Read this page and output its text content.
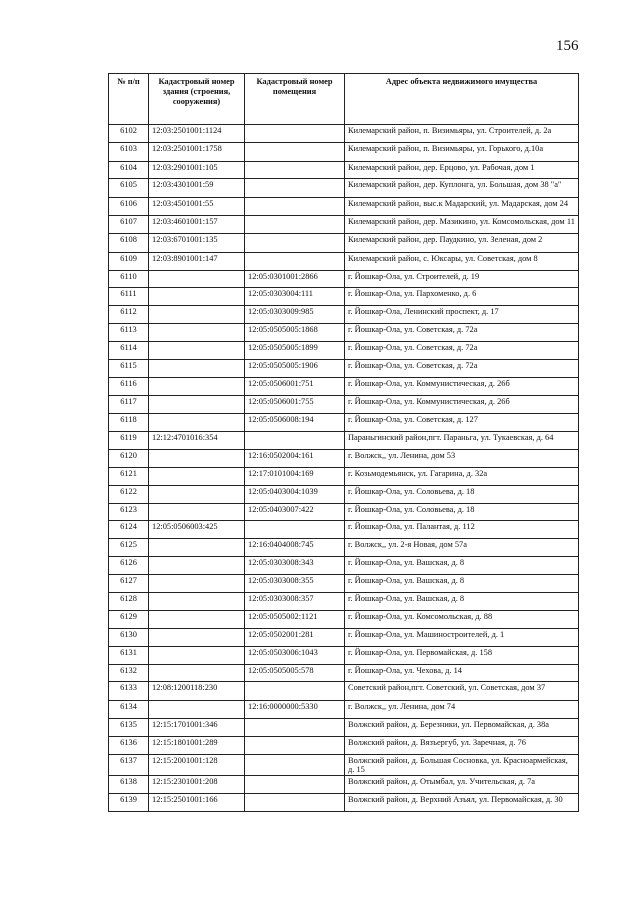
156
№ п/п	Кадастровый номер здания (строения, сооружения)	Кадастровый номер помещения	Адрес объекта недвижимого имущества
6102	12:03:2501001:1124		Килемарский район, п. Визимьяры, ул. Строителей, д. 2а
6103	12:03:2501001:1758		Килемарский район, п. Визимьяры, ул. Горького, д.10а
6104	12:03:2901001:105		Килемарский район, дер. Ерцово, ул. Рабочая, дом 1
6105	12:03:4301001:59		Килемарский район, дер. Куплонга, ул. Большая, дом 38 "а"
6106	12:03:4501001:55		Килемарский район, выс.к Мадарский, ул. Мадарская, дом 24
6107	12:03:4601001:157		Килемарский район, дер. Мазикино, ул. Комсомольская, дом 11
6108	12:03:6701001:135		Килемарский район, дер. Паудкино, ул. Зеленая, дом 2
6109	12:03:8901001:147		Килемарский район, с. Юксары, ул. Советская, дом 8
6110		12:05:0301001:2866	г. Йошкар-Ола, ул. Строителей, д. 19
6111		12:05:0303004:111	г. Йошкар-Ола, ул. Пархоменко, д. 6
6112		12:05:0303009:985	г. Йошкар-Ола, Ленинский проспект, д. 17
6113		12:05:0505005:1868	г. Йошкар-Ола, ул. Советская, д. 72а
6114		12:05:0505005:1899	г. Йошкар-Ола, ул. Советская, д. 72а
6115		12:05:0505005:1906	г. Йошкар-Ола, ул. Советская, д. 72а
6116		12:05:0506001:751	г. Йошкар-Ола, ул. Коммунистическая, д. 26б
6117		12:05:0506001:755	г. Йошкар-Ола, ул. Коммунистическая, д. 26б
6118		12:05:0506008:194	г. Йошкар-Ола, ул. Советская, д. 127
6119	12:12:4701016:354		Параньгинский район,пгт. Параньга, ул. Тукаевская, д. 64
6120		12:16:0502004:161	г. Волжск,, ул. Ленина, дом 53
6121		12:17:0101004:169	г. Козьмодемьянск, ул. Гагарина, д. 32а
6122		12:05:0403004:1039	г. Йошкар-Ола, ул. Соловьева, д. 18
6123		12:05:0403007:422	г. Йошкар-Ола, ул. Соловьева, д. 18
6124	12:05:0506003:425		г. Йошкар-Ола, ул. Палантая, д. 112
6125		12:16:0404008:745	г. Волжск,, ул. 2-я Новая, дом 57а
6126		12:05:0303008:343	г. Йошкар-Ола, ул. Вашская, д. 8
6127		12:05:0303008:355	г. Йошкар-Ола, ул. Вашская, д. 8
6128		12:05:0303008:357	г. Йошкар-Ола, ул. Вашская, д. 8
6129		12:05:0505002:1121	г. Йошкар-Ола, ул. Комсомольская, д. 88
6130		12:05:0502001:281	г. Йошкар-Ола, ул. Машиностроителей, д. 1
6131		12:05:0503006:1043	г. Йошкар-Ола, ул. Первомайская, д. 158
6132		12:05:0505005:578	г. Йошкар-Ола, ул. Чехова, д. 14
6133	12:08:1200118:230		Советский район,пгт. Советский, ул. Советская, дом 37
6134		12:16:0000000:5330	г. Волжск,, ул. Ленина, дом 74
6135	12:15:1701001:346		Волжский район, д. Березники, ул. Первомайская, д. 38а
6136	12:15:1801001:289		Волжский район, д. Вязъергуб, ул. Заречная, д. 76
6137	12:15:2001001:128		Волжский район, д. Большая Сосновка, ул. Красноармейская, д. 15
6138	12:15:2301001:208		Волжский район, д. Отымбал, ул. Учительская, д. 7а
6139	12:15:2501001:166		Волжский район, д. Верхний Азъял, ул. Первомайская, д. 30
